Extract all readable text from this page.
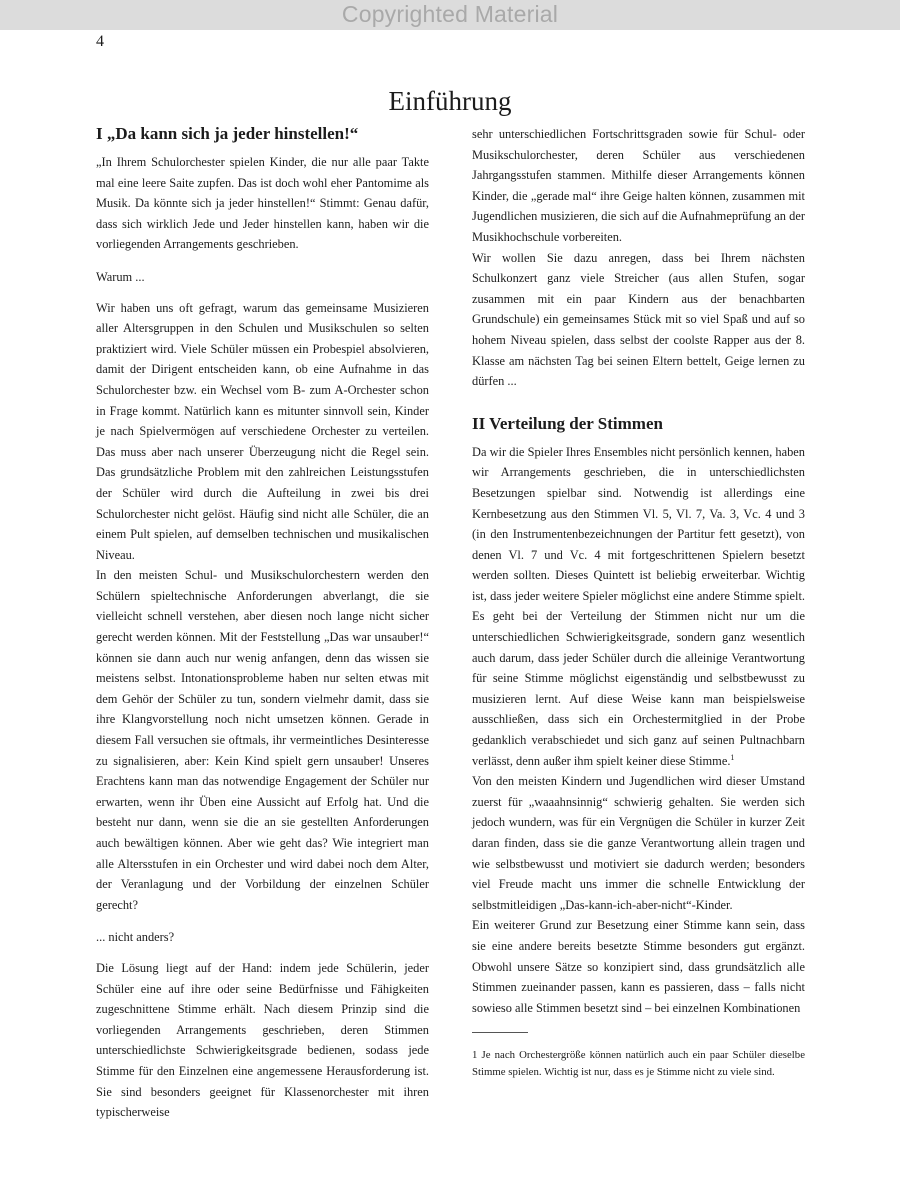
Copyrighted Material
4
Einführung
I „Da kann sich ja jeder hinstellen!“

„In Ihrem Schulorchester spielen Kinder, die nur alle paar Takte mal eine leere Saite zupfen. Das ist doch wohl eher Pantomime als Musik. Da könnte sich ja jeder hinstellen!“ Stimmt: Genau dafür, dass sich wirklich Jede und Jeder hinstellen kann, haben wir die vorliegenden Arrangements geschrieben.

Warum ...

Wir haben uns oft gefragt, warum das gemeinsame Musizieren aller Altersgruppen in den Schulen und Musikschulen so selten praktiziert wird. Viele Schüler müssen ein Probespiel absolvieren, damit der Dirigent entscheiden kann, ob eine Aufnahme in das Schulorchester bzw. ein Wechsel vom B- zum A-Orchester schon in Frage kommt. Natürlich kann es mitunter sinnvoll sein, Kinder je nach Spielvermögen auf verschiedene Orchester zu verteilen. Das muss aber nach unserer Überzeugung nicht die Regel sein. Das grundsätzliche Problem mit den zahlreichen Leistungsstufen der Schüler wird durch die Aufteilung in zwei bis drei Schulorchester nicht gelöst. Häufig sind nicht alle Schüler, die an einem Pult spielen, auf demselben technischen und musikalischen Niveau.

In den meisten Schul- und Musikschulorchestern werden den Schülern spieltechnische Anforderungen abverlangt, die sie vielleicht schnell verstehen, aber diesen noch lange nicht sicher gerecht werden können. Mit der Feststellung „Das war unsauber!“ können sie dann auch nur wenig anfangen, denn das wissen sie meistens selbst. Intonationsprobleme haben nur selten etwas mit dem Gehör der Schüler zu tun, sondern vielmehr damit, dass sie ihre Klangvorstellung noch nicht umsetzen können. Gerade in diesem Fall versuchen sie oftmals, ihr vermeintliches Desinteresse zu signalisieren, aber: Kein Kind spielt gern unsauber! Unseres Erachtens kann man das notwendige Engagement der Schüler nur erwarten, wenn ihr Üben eine Aussicht auf Erfolg hat. Und die besteht nur dann, wenn sie die an sie gestellten Anforderungen auch bewältigen können. Aber wie geht das? Wie integriert man alle Altersstufen in ein Orchester und wird dabei noch dem Alter, der Veranlagung und der Vorbildung der einzelnen Schüler gerecht?

... nicht anders?

Die Lösung liegt auf der Hand: indem jede Schülerin, jeder Schüler eine auf ihre oder seine Bedürfnisse und Fähigkeiten zugeschnittene Stimme erhält. Nach diesem Prinzip sind die vorliegenden Arrangements geschrieben, deren Stimmen unterschiedlichste Schwierigkeitsgrade bedienen, sodass jede Stimme für den Einzelnen eine angemessene Herausforderung ist. Sie sind besonders geeignet für Klassenorchester mit ihren typischerweise

sehr unterschiedlichen Fortschrittsgraden sowie für Schul- oder Musikschulorchester, deren Schüler aus verschiedenen Jahrgangsstufen stammen. Mithilfe dieser Arrangements können Kinder, die „gerade mal“ ihre Geige halten können, zusammen mit Jugendlichen musizieren, die sich auf die Aufnahmeprüfung an der Musikhochschule vorbereiten.

Wir wollen Sie dazu anregen, dass bei Ihrem nächsten Schulkonzert ganz viele Streicher (aus allen Stufen, sogar zusammen mit ein paar Kindern aus der benachbarten Grundschule) ein gemeinsames Stück mit so viel Spaß und auf so hohem Niveau spielen, dass selbst der coolste Rapper aus der 8. Klasse am nächsten Tag bei seinen Eltern bettelt, Geige lernen zu dürfen ...

II Verteilung der Stimmen

Da wir die Spieler Ihres Ensembles nicht persönlich kennen, haben wir Arrangements geschrieben, die in unterschiedlichsten Besetzungen spielbar sind. Notwendig ist allerdings eine Kernbesetzung aus den Stimmen Vl. 5, Vl. 7, Va. 3, Vc. 4 und 3 (in den Instrumentenbezeichnungen der Partitur fett gesetzt), von denen Vl. 7 und Vc. 4 mit fortgeschrittenen Spielern besetzt werden sollten. Dieses Quintett ist beliebig erweiterbar. Wichtig ist, dass jeder weitere Spieler möglichst eine andere Stimme spielt. Es geht bei der Verteilung der Stimmen nicht nur um die unterschiedlichen Schwierigkeitsgrade, sondern ganz wesentlich auch darum, dass jeder Schüler durch die alleinige Verantwortung für seine Stimme möglichst eigenständig und selbstbewusst zu musizieren lernt. Auf diese Weise kann man beispielsweise ausschließen, dass sich ein Orchestermitglied in der Probe gedanklich verabschiedet und sich ganz auf seinen Pultnachbarn verlässt, denn außer ihm spielt keiner diese Stimme.$^1$

Von den meisten Kindern und Jugendlichen wird dieser Umstand zuerst für „waaahnsinnig“ schwierig gehalten. Sie werden sich jedoch wundern, was für ein Vergnügen die Schüler in kurzer Zeit daran finden, dass sie die ganze Verantwortung allein tragen und wie selbstbewusst und motiviert sie dadurch werden; besonders viel Freude macht uns immer die schnelle Entwicklung der selbstmitleidigen „Das-kann-ich-aber-nicht“-Kinder.

Ein weiterer Grund zur Besetzung einer Stimme kann sein, dass sie eine andere bereits besetzte Stimme besonders gut ergänzt. Obwohl unsere Sätze so konzipiert sind, dass grundsätzlich alle Stimmen zueinander passen, kann es passieren, dass – falls nicht sowieso alle Stimmen besetzt sind – bei einzelnen Kombinationen

1 Je nach Orchestergröße können natürlich auch ein paar Schüler dieselbe Stimme spielen. Wichtig ist nur, dass es je Stimme nicht zu viele sind.
